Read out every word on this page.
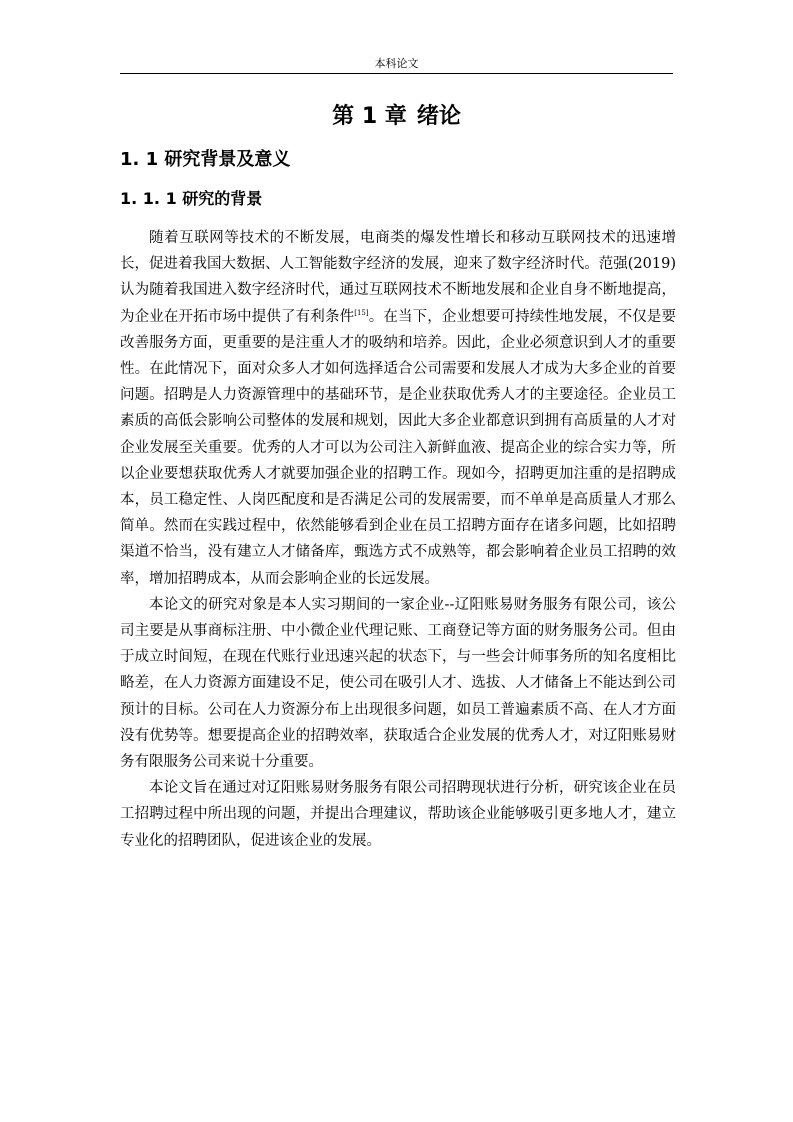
本科论文
第 1 章 绪论
1. 1 研究背景及意义
1. 1. 1 研究的背景

随着互联网等技术的不断发展，电商类的爆发性增长和移动互联网技术的迅速增长，促进着我国大数据、人工智能数字经济的发展，迎来了数字经济时代。范强(2019)认为随着我国进入数字经济时代，通过互联网技术不断地发展和企业自身不断地提高，为企业在开拓市场中提供了有利条件[15]。在当下，企业想要可持续性地发展，不仅是要改善服务方面，更重要的是注重人才的吸纳和培养。因此，企业必须意识到人才的重要性。在此情况下，面对众多人才如何选择适合公司需要和发展人才成为大多企业的首要问题。招聘是人力资源管理中的基础环节，是企业获取优秀人才的主要途径。企业员工素质的高低会影响公司整体的发展和规划，因此大多企业都意识到拥有高质量的人才对企业发展至关重要。优秀的人才可以为公司注入新鲜血液、提高企业的综合实力等，所以企业要想获取优秀人才就要加强企业的招聘工作。现如今，招聘更加注重的是招聘成本，员工稳定性、人岗匹配度和是否满足公司的发展需要，而不单单是高质量人才那么简单。然而在实践过程中，依然能够看到企业在员工招聘方面存在诸多问题，比如招聘渠道不恰当，没有建立人才储备库，甄选方式不成熟等，都会影响着企业员工招聘的效率，增加招聘成本，从而会影响企业的长远发展。

本论文的研究对象是本人实习期间的一家企业--辽阳账易财务服务有限公司，该公司主要是从事商标注册、中小微企业代理记账、工商登记等方面的财务服务公司。但由于成立时间短，在现在代账行业迅速兴起的状态下，与一些会计师事务所的知名度相比略差，在人力资源方面建设不足，使公司在吸引人才、选拔、人才储备上不能达到公司预计的目标。公司在人力资源分布上出现很多问题，如员工普遍素质不高、在人才方面没有优势等。想要提高企业的招聘效率，获取适合企业发展的优秀人才，对辽阳账易财务有限服务公司来说十分重要。

本论文旨在通过对辽阳账易财务服务有限公司招聘现状进行分析，研究该企业在员工招聘过程中所出现的问题，并提出合理建议，帮助该企业能够吸引更多地人才，建立专业化的招聘团队，促进该企业的发展。
